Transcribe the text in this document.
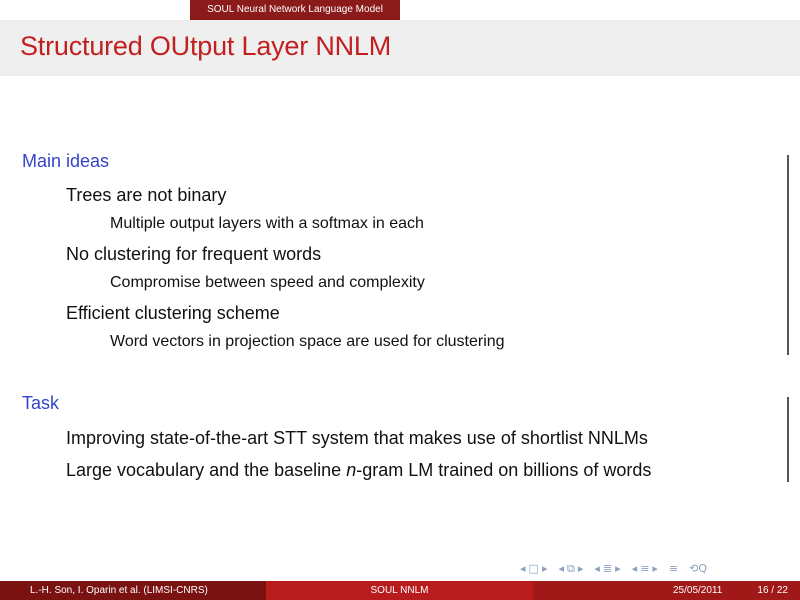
SOUL Neural Network Language Model
Structured OUtput Layer NNLM
Main ideas
Trees are not binary
Multiple output layers with a softmax in each
No clustering for frequent words
Compromise between speed and complexity
Efficient clustering scheme
Word vectors in projection space are used for clustering
Task
Improving state-of-the-art STT system that makes use of shortlist NNLMs
Large vocabulary and the baseline n-gram LM trained on billions of words
◂ □ ▸ ◂ ⧉ ▸ ◂ ≣ ▸ ◂ ≡ ▸ ≡ ⟲Q
L.-H. Son, I. Oparin et al. (LIMSI-CNRS)	SOUL NNLM	25/05/2011	16 / 22
